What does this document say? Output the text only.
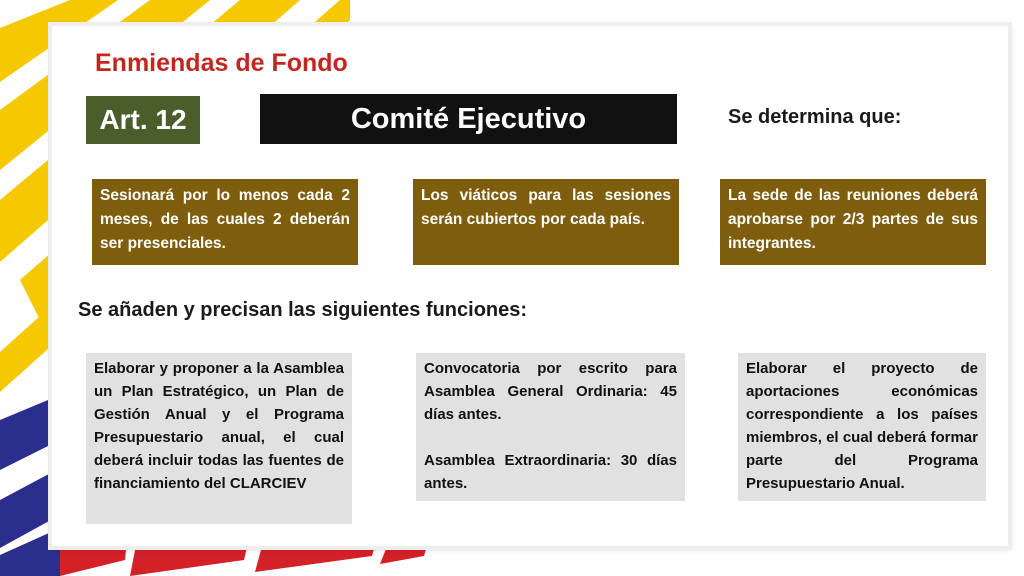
Enmiendas de Fondo
Art. 12	Comité Ejecutivo	Se determina que:
Sesionará por lo menos cada 2 meses, de las cuales 2 deberán ser presenciales.
Los viáticos para las sesiones serán cubiertos por cada país.
La sede de las reuniones deberá aprobarse por 2/3 partes de sus integrantes.
Se añaden y precisan las siguientes funciones:

Elaborar y proponer a la Asamblea un Plan Estratégico, un Plan de Gestión Anual y el Programa Presupuestario anual, el cual deberá incluir todas las fuentes de financiamiento del CLARCIEV

Convocatoria por escrito para Asamblea General Ordinaria: 45 días antes.

Asamblea Extraordinaria: 30 días antes.

Elaborar el proyecto de aportaciones económicas correspondiente a los países miembros, el cual deberá formar parte del Programa Presupuestario Anual.
